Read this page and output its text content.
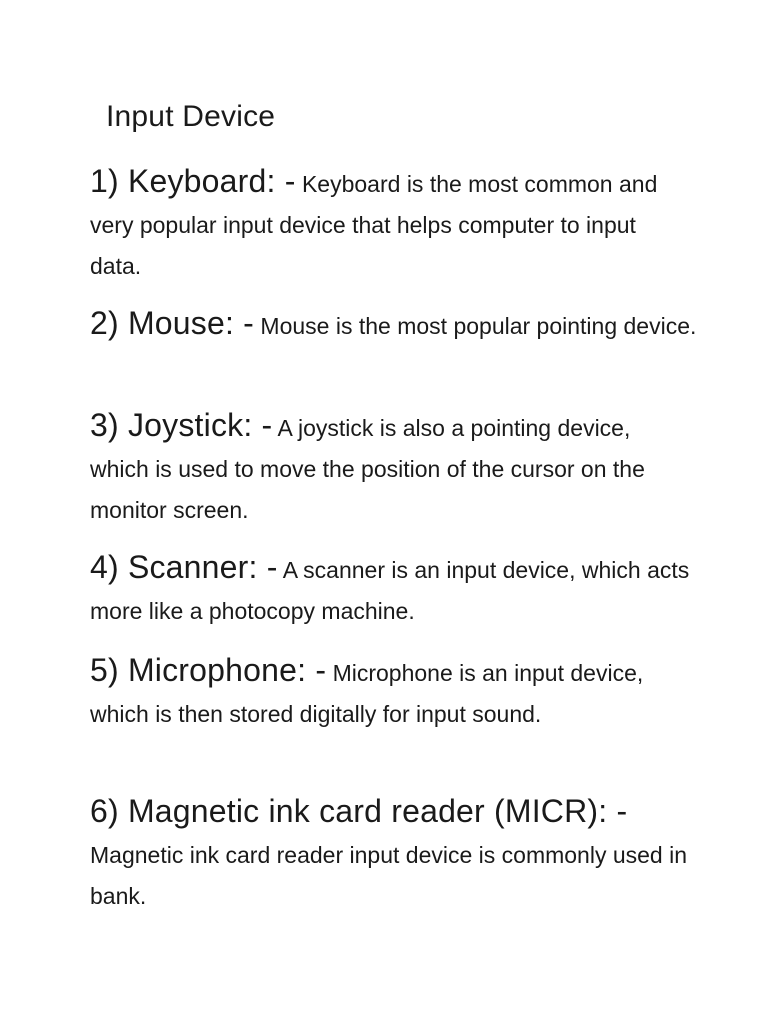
Input Device
1) Keyboard: - Keyboard is the most common and very popular input device that helps computer to input data.
2) Mouse: - Mouse is the most popular pointing device.
3) Joystick: - A joystick is also a pointing device, which is used to move the position of the cursor on the monitor screen.
4) Scanner: - A scanner is an input device, which acts more like a photocopy machine.
5) Microphone: - Microphone is an input device, which is then stored digitally for input sound.
6) Magnetic ink card reader (MICR): -
Magnetic ink card reader input device is commonly used in bank.
